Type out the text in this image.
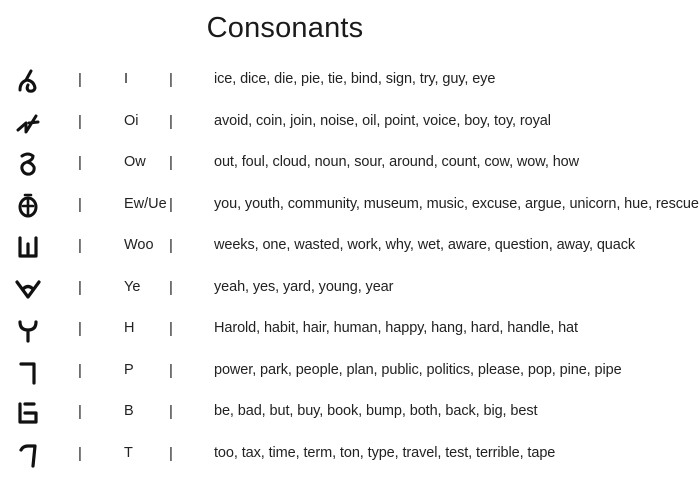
Consonants
|	I	|	ice, dice, die, pie, tie, bind, sign, try, guy, eye
|	Oi |	avoid, coin, join, noise, oil, point, voice, boy, toy, royal
|	Ow |	out, foul, cloud, noun, sour, around, count, cow, wow, how
|	Ew/Ue |	you, youth, community, museum, music, excuse, argue, unicorn, hue, rescue
|	Woo |	weeks, one, wasted, work, why, wet, aware, question, away, quack
|	Ye |	yeah, yes, yard, young, year
|	H |	Harold, habit, hair, human, happy, hang, hard, handle, hat
|	P |	power, park, people, plan, public, politics, please, pop, pine, pipe
|	B |	be, bad, but, buy, book, bump, both, back, big, best
|	T |	too, tax, time, term, ton, type, travel, test, terrible, tape
